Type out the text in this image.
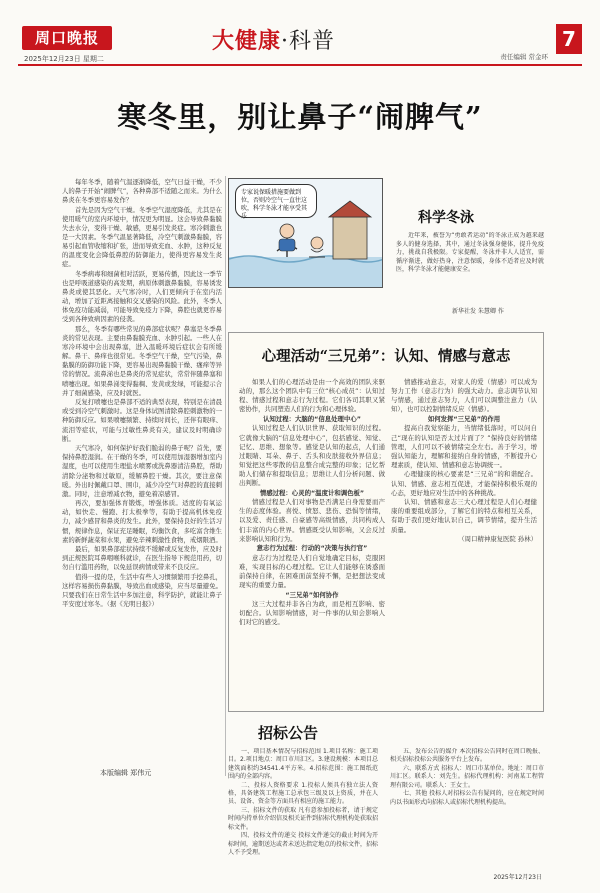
周口晚报
2025年12月23日 星期二
大健康·科普
责任编辑 常金环
7
寒冬里，别让鼻子“闹脾气”

每年冬季，随着气温逐渐降低，空气日益干燥，不少人的鼻子开始“闹脾气”，各种鼻部不适随之而来。为什么鼻炎在冬季更容易发作？

首先是因为空气干燥。冬季空气湿度降低，尤其是在使用暖气的室内环境中，情况更为明显。这会导致鼻黏膜失去水分，变得干燥、敏感，更易引发炎症。寒冷刺激也是一大因素。冬季气温显著降低，冷空气刺激鼻黏膜，容易引起血管收缩和扩张，进而导致充血、水肿，这种反复的温度变化会降低鼻腔的防御能力，使得更容易发生炎症。

冬季病毒和细菌相对活跃，更易传播，因此这一季节也是呼吸道感染的高发期，病原体刺激鼻黏膜，容易诱发鼻炎或使其恶化。天气寒冷时，人们更倾向于在室内活动，增加了近距离接触和交叉感染的风险。此外，冬季人体免疫功能减弱，可能导致免疫力下降，鼻腔也就更容易受到各种致病因素的侵袭。

那么，冬季有哪些常见的鼻部症状呢？鼻塞是冬季鼻炎的常见表现。主要由鼻黏膜充血、水肿引起。一些人在寒冷环境中会出现鼻塞，进入温暖环境后症状会有所缓解。鼻干、鼻痒也很常见。冬季空气干燥，空气污染，鼻黏膜的防御功能下降，更容易出现鼻黏膜干燥、瘙痒等异常的情况。流鼻涕也是鼻炎的常见症状，常常伴随鼻塞和喷嚏出现。如果鼻涕变得黏稠、发黄或发绿，可能提示合并了细菌感染，应及时就医。

反复打喷嚏也是鼻部不适的典型表现，特别是在清晨或受到冷空气刺激时。这是身体试图清除鼻腔刺激物的一种防御反应。如果喷嚏频繁、持续时间长，还伴有眼痒、流泪等症状，可能与过敏性鼻炎有关，建议及时明确诊断。

天气寒冷，如何保护好我们脆弱的鼻子呢？首先，要保持鼻腔湿润。在干燥的冬季，可以使用加湿器增加室内湿度，也可以使用生理盐水喷雾或洗鼻器清洁鼻腔，帮助清除分泌物和过敏原，缓解鼻腔干燥。其次，要注意保暖。外出时佩戴口罩、围巾，减少冷空气对鼻腔的直接刺激。同时，注意增减衣物，避免着凉感冒。

再次，要加强体育锻炼，增强体质。适度的有氧运动，如快走、慢跑、打太极拳等，有助于提高机体免疫力，减少感冒和鼻炎的发生。此外，要保持良好的生活习惯，规律作息，保证充足睡眠，均衡饮食，多吃富含维生素的新鲜蔬菜和水果，避免辛辣刺激性食物，戒烟限酒。

最后，如果鼻部症状持续不缓解或反复发作，应及时到正规医院耳鼻咽喉科就诊，在医生指导下规范用药，切勿自行滥用药物，以免延误病情或带来不良反应。

值得一提的是，生活中有些人习惯频繁用手挖鼻孔，这样容易损伤鼻黏膜，导致出血或感染，应当尽量避免。只要我们在日常生活中多加注意，科学防护，就能让鼻子平安度过寒冬。（据《光明日报》）

本版编辑 郑伟元
专家说保暖措施要做到位，否则冷空气一直往这吹，科学冬泳才能享受其乐	科学冬泳

近年来，被誉为“勇敢者运动”的冬泳正成为越来越多人的健身选择，其中，通过冬泳强身健体，提升免疫力，挑战自我极限。专家提醒，冬泳并非人人适宜，需循序渐进，做好热身，注意保暖，身体不适者应及时就医，科学冬泳才能健康安全。

新华社发 朱慧卿 作
心理活动“三兄弟”：认知、情感与意志

如果人们的心理活动是由一个高效的团队来驱动的，那么这个团队中有三位“核心成员”：认知过程、情感过程和意志行为过程。它们各司其职又紧密协作，共同塑造人们的行为和心理体验。

认知过程：大脑的“信息处理中心”

认知过程是人们认识世界、获取知识的过程。它就像大脑的“信息处理中心”，包括感觉、知觉、记忆、思维、想象等。感觉是认知的起点，人们通过眼睛、耳朵、鼻子、舌头和皮肤接收外界信息；知觉把这些零散的信息整合成完整的印象；记忆帮助人们储存和提取信息；思维让人们分析问题、做出判断。

情感过程：心灵的“温度计和调色板”

情感过程是人们对事物是否满足自身需要而产生的态度体验。喜悦、愤怒、悲伤、恐惧等情绪，以及爱、责任感、自豪感等高级情感，共同构成人们丰富的内心世界。情感既受认知影响，又会反过来影响认知和行为。

意志行为过程：行动的“决策与执行官”

意志行为过程是人们自觉地确定目标，克服困难，实现目标的心理过程。它让人们能够在诱惑面前保持自律，在困难面前坚持不懈，是把想法变成现实的重要力量。

“三兄弟”如何协作

这三大过程并非各自为政，而是相互影响、密切配合。认知影响情感，对一件事的认知会影响人们对它的感受。

情感推动意志，对家人的爱（情感）可以成为努力工作（意志行为）的强大动力。意志调节认知与情感，通过意志努力，人们可以调整注意力（认知），也可以控制情绪反应（情感）。

如何发挥“三兄弟”的作用

提高自我觉察能力，当情绪低落时，可以问自己“现在的认知是否太过片面了？”保持良好的情绪管理，人们可以不被情绪完全左右。善于学习，增强认知能力，理解和接纳自身的情感，不断提升心理素质，使认知、情感和意志协调统一。

心理健康的核心要素是“三兄弟”的和谐配合。认知、情感、意志相互促进，才能保持积极乐观的心态，更好地应对生活中的各种挑战。

认知、情感和意志三大心理过程是人们心理健康的重要组成部分，了解它们的特点和相互关系，有助于我们更好地认识自己，调节情绪，提升生活质量。

（周口精神康复医院 孙林）

招标公告

一、项目基本情况与招标范围 1.项目名称：施工项目。2.项目地点：周口市川汇区。3.建设规模：本项目总建筑面积约34541.4平方米。4.招标范围：施工图纸范围内的全部内容。

二、投标人资格要求 1.投标人须具有独立法人资格，具备建筑工程施工总承包三级及以上资质，并在人员、设备、资金等方面具有相应的施工能力。

三、招标文件的获取 凡有意参加投标者，请于规定时间内持单位介绍信及相关证件到招标代理机构处获取招标文件。

四、投标文件的递交 投标文件递交的截止时间为开标时间，逾期送达或者未送达指定地点的投标文件，招标人不予受理。

五、发布公告的媒介 本次招标公告同时在周口晚报、相关招标投标公共服务平台上发布。

六、联系方式 招标人：周口市某单位。地址：周口市川汇区。联系人：刘先生。招标代理机构：河南某工程管理有限公司。联系人：王女士。

七、其他 投标人对招标公告有疑问的，应在规定时间内以书面形式向招标人或招标代理机构提出。

2025年12月23日
